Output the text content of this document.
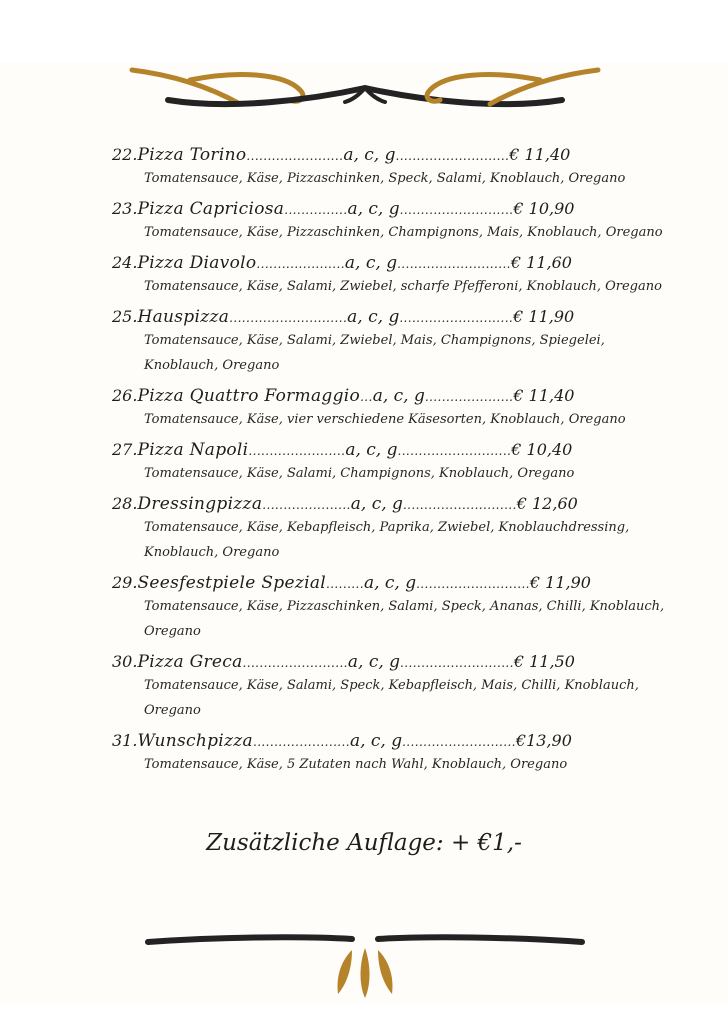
22. Pizza Torino ....................... a, c, g ........................... € 11,40
Tomatensauce, Käse, Pizzaschinken, Speck, Salami, Knoblauch, Oregano
23. Pizza Capriciosa ............... a, c, g ........................... € 10,90
Tomatensauce, Käse, Pizzaschinken, Champignons, Mais, Knoblauch, Oregano
24. Pizza Diavolo ..................... a, c, g ........................... € 11,60
Tomatensauce, Käse, Salami, Zwiebel, scharfe Pfefferoni, Knoblauch, Oregano
25. Hauspizza ............................ a, c, g ........................... € 11,90
Tomatensauce, Käse, Salami, Zwiebel, Mais, Champignons, Spiegelei, Knoblauch, Oregano
26. Pizza Quattro Formaggio ... a, c, g ..................... € 11,40
Tomatensauce, Käse, vier verschiedene Käsesorten, Knoblauch, Oregano
27. Pizza Napoli ....................... a, c, g ........................... € 10,40
Tomatensauce, Käse, Salami, Champignons, Knoblauch, Oregano
28. Dressingpizza ..................... a, c, g ........................... € 12,60
Tomatensauce, Käse, Kebapfleisch, Paprika, Zwiebel, Knoblauchdressing, Knoblauch, Oregano
29. Seesfestpiele Spezial ......... a, c, g ........................... € 11,90
Tomatensauce, Käse, Pizzaschinken, Salami, Speck, Ananas, Chilli, Knoblauch, Oregano
30. Pizza Greca ......................... a, c, g ........................... € 11,50
Tomatensauce, Käse, Salami, Speck, Kebapfleisch, Mais, Chilli, Knoblauch, Oregano
31. Wunschpizza ....................... a, c, g ........................... €13,90
Tomatensauce, Käse, 5 Zutaten nach Wahl, Knoblauch, Oregano
Zusätzliche Auflage: + €1,-
